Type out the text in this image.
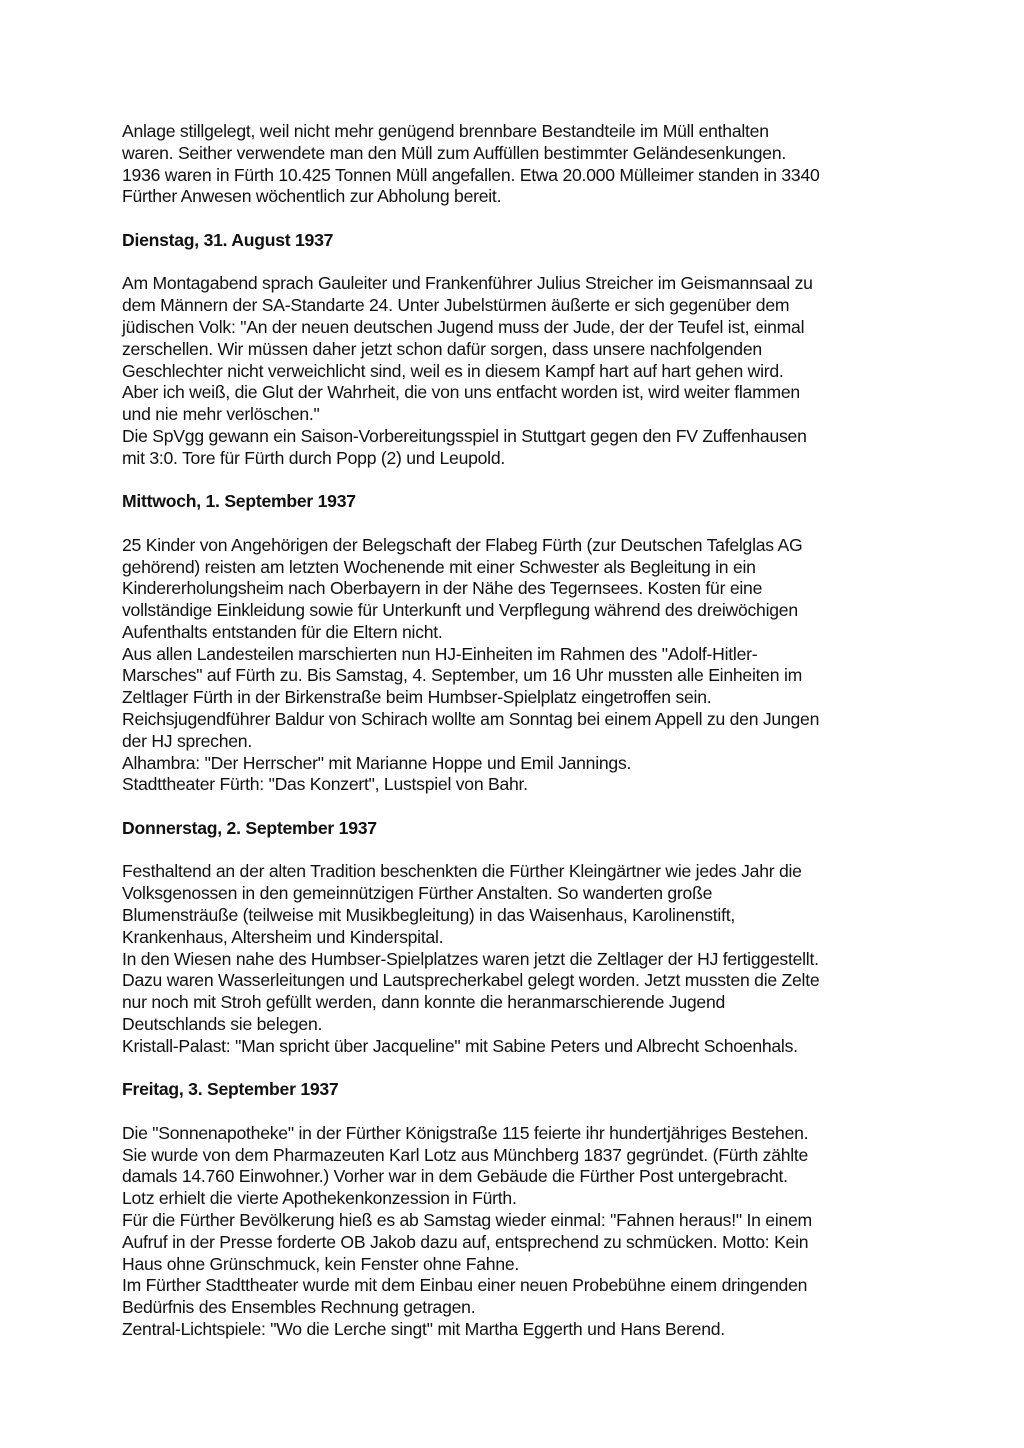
Anlage stillgelegt, weil nicht mehr genügend brennbare Bestandteile im Müll enthalten
waren. Seither verwendete man den Müll zum Auffüllen bestimmter Geländesenkungen.
1936 waren in Fürth 10.425 Tonnen Müll angefallen. Etwa 20.000 Mülleimer standen in 3340
Fürther Anwesen wöchentlich zur Abholung bereit.
Dienstag, 31. August 1937
Am Montagabend sprach Gauleiter und Frankenführer Julius Streicher im Geismannsaal zu
dem Männern der SA-Standarte 24. Unter Jubelstürmen äußerte er sich gegenüber dem
jüdischen Volk: "An der neuen deutschen Jugend muss der Jude, der der Teufel ist, einmal
zerschellen. Wir müssen daher jetzt schon dafür sorgen, dass unsere nachfolgenden
Geschlechter nicht verweichlicht sind, weil es in diesem Kampf hart auf hart gehen wird.
Aber ich weiß, die Glut der Wahrheit, die von uns entfacht worden ist, wird weiter flammen
und nie mehr verlöschen."
Die SpVgg gewann ein Saison-Vorbereitungsspiel in Stuttgart gegen den FV Zuffenhausen
mit 3:0. Tore für Fürth durch Popp (2) und Leupold.
Mittwoch, 1. September 1937
25 Kinder von Angehörigen der Belegschaft der Flabeg Fürth (zur Deutschen Tafelglas AG
gehörend) reisten am letzten Wochenende mit einer Schwester als Begleitung in ein
Kindererholungsheim nach Oberbayern in der Nähe des Tegernsees. Kosten für eine
vollständige Einkleidung sowie für Unterkunft und Verpflegung während des dreiwöchigen
Aufenthalts entstanden für die Eltern nicht.
Aus allen Landesteilen marschierten nun HJ-Einheiten im Rahmen des "Adolf-Hitler-
Marsches" auf Fürth zu. Bis Samstag, 4. September, um 16 Uhr mussten alle Einheiten im
Zeltlager Fürth in der Birkenstraße beim Humbser-Spielplatz eingetroffen sein.
Reichsjugendführer Baldur von Schirach wollte am Sonntag bei einem Appell zu den Jungen
der HJ sprechen.
Alhambra: "Der Herrscher" mit Marianne Hoppe und Emil Jannings.
Stadttheater Fürth: "Das Konzert", Lustspiel von Bahr.
Donnerstag, 2. September 1937
Festhaltend an der alten Tradition beschenkten die Fürther Kleingärtner wie jedes Jahr die
Volksgenossen in den gemeinnützigen Fürther Anstalten. So wanderten große
Blumensträuße (teilweise mit Musikbegleitung) in das Waisenhaus, Karolinenstift,
Krankenhaus, Altersheim und Kinderspital.
In den Wiesen nahe des Humbser-Spielplatzes waren jetzt die Zeltlager der HJ fertiggestellt.
Dazu waren Wasserleitungen und Lautsprecherkabel gelegt worden. Jetzt mussten die Zelte
nur noch mit Stroh gefüllt werden, dann konnte die heranmarschierende Jugend
Deutschlands sie belegen.
Kristall-Palast: "Man spricht über Jacqueline" mit Sabine Peters und Albrecht Schoenhals.
Freitag, 3. September 1937
Die "Sonnenapotheke" in der Fürther Königstraße 115 feierte ihr hundertjähriges Bestehen.
Sie wurde von dem Pharmazeuten Karl Lotz aus Münchberg 1837 gegründet. (Fürth zählte
damals 14.760 Einwohner.) Vorher war in dem Gebäude die Fürther Post untergebracht.
Lotz erhielt die vierte Apothekenkonzession in Fürth.
Für die Fürther Bevölkerung hieß es ab Samstag wieder einmal: "Fahnen heraus!" In einem
Aufruf in der Presse forderte OB Jakob dazu auf, entsprechend zu schmücken. Motto: Kein
Haus ohne Grünschmuck, kein Fenster ohne Fahne.
Im Fürther Stadttheater wurde mit dem Einbau einer neuen Probebühne einem dringenden
Bedürfnis des Ensembles Rechnung getragen.
Zentral-Lichtspiele: "Wo die Lerche singt" mit Martha Eggerth und Hans Berend.
